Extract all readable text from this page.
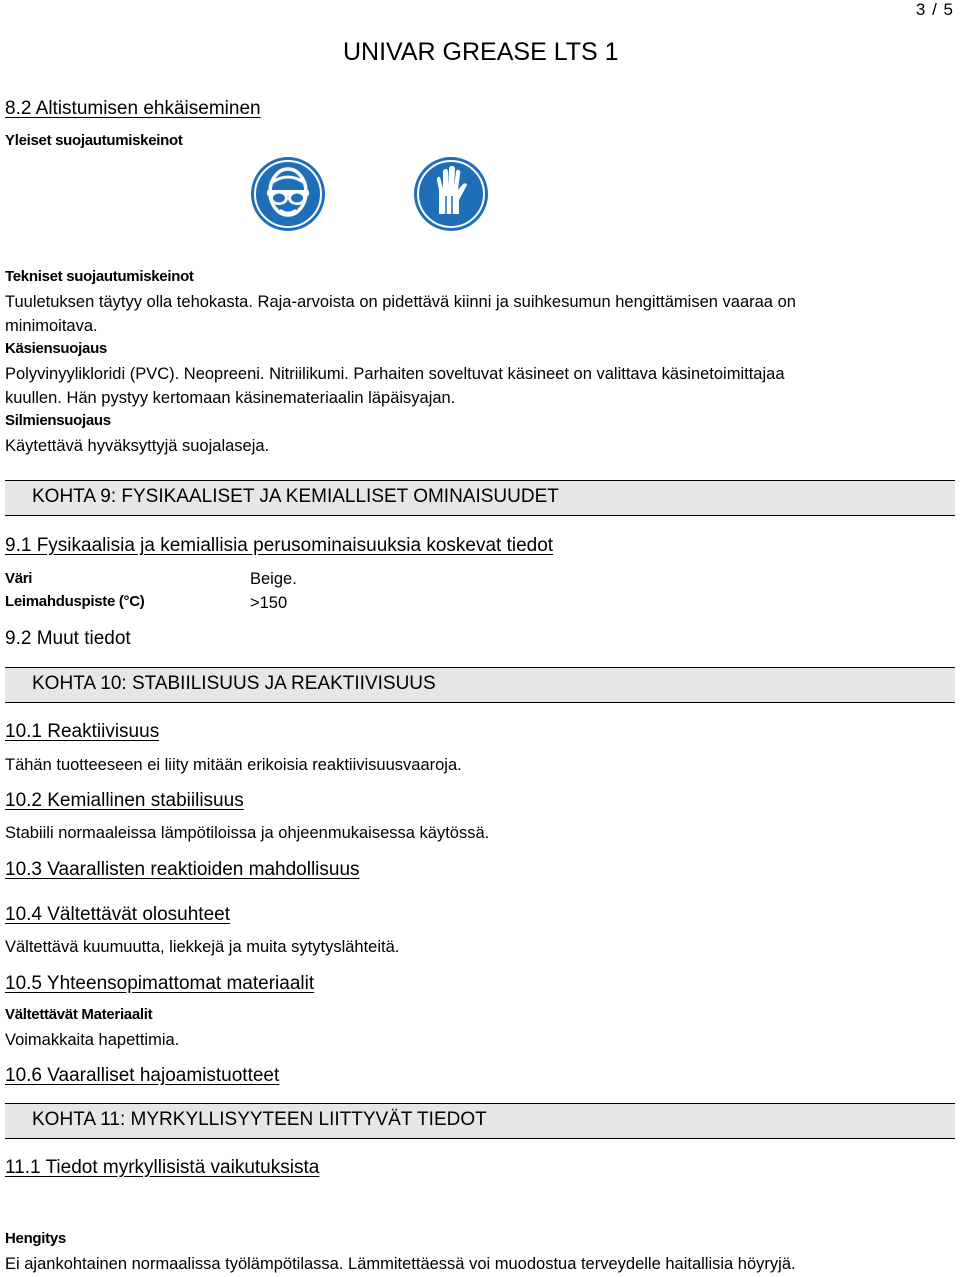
3 / 5
UNIVAR GREASE LTS 1
8.2 Altistumisen ehkäiseminen
Yleiset suojautumiskeinot
Tekniset suojautumiskeinot
Tuuletuksen täytyy olla tehokasta. Raja-arvoista on pidettävä kiinni ja suihkesumun hengittämisen vaaraa on
minimoitava.
Käsiensuojaus
Polyvinyylikloridi (PVC). Neopreeni. Nitriilikumi. Parhaiten soveltuvat käsineet on valittava käsinetoimittajaa
kuullen. Hän pystyy kertomaan käsinemateriaalin läpäisyajan.
Silmiensuojaus
Käytettävä hyväksyttyjä suojalaseja.
KOHTA 9: FYSIKAALISET JA KEMIALLISET OMINAISUUDET
9.1 Fysikaalisia ja kemiallisia perusominaisuuksia koskevat tiedot
Väri	Beige.
Leimahduspiste (°C)	>150
9.2 Muut tiedot
KOHTA 10: STABIILISUUS JA REAKTIIVISUUS
10.1 Reaktiivisuus
Tähän tuotteeseen ei liity mitään erikoisia reaktiivisuusvaaroja.
10.2 Kemiallinen stabiilisuus
Stabiili normaaleissa lämpötiloissa ja ohjeenmukaisessa käytössä.
10.3 Vaarallisten reaktioiden mahdollisuus
10.4 Vältettävät olosuhteet
Vältettävä kuumuutta, liekkejä ja muita sytytyslähteitä.
10.5 Yhteensopimattomat materiaalit
Vältettävät Materiaalit
Voimakkaita hapettimia.
10.6 Vaaralliset hajoamistuotteet
KOHTA 11: MYRKYLLISYYTEEN LIITTYVÄT TIEDOT
11.1 Tiedot myrkyllisistä vaikutuksista
Hengitys
Ei ajankohtainen normaalissa työlämpötilassa. Lämmitettäessä voi muodostua terveydelle haitallisia höyryjä.
